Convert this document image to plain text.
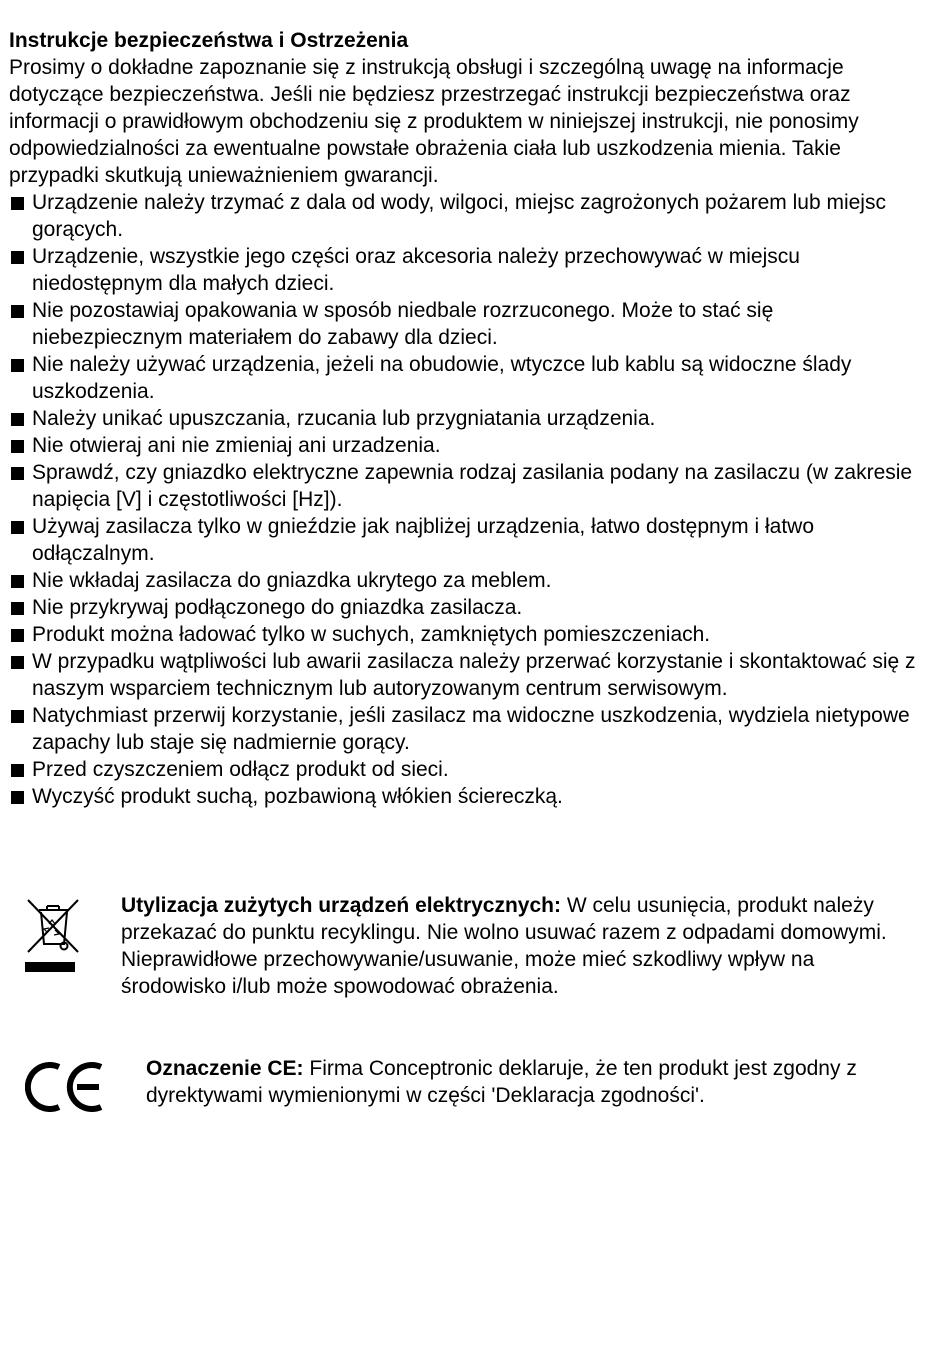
Instrukcje bezpieczeństwa i Ostrzeżenia

Prosimy o dokładne zapoznanie się z instrukcją obsługi i szczególną uwagę na informacje dotyczące bezpieczeństwa. Jeśli nie będziesz przestrzegać instrukcji bezpieczeństwa oraz informacji o prawidłowym obchodzeniu się z produktem w niniejszej instrukcji, nie ponosimy odpowiedzialności za ewentualne powstałe obrażenia ciała lub uszkodzenia mienia. Takie przypadki skutkują unieważnieniem gwarancji.

Urządzenie należy trzymać z dala od wody, wilgoci, miejsc zagrożonych pożarem lub miejsc gorących.
Urządzenie, wszystkie jego części oraz akcesoria należy przechowywać w miejscu niedostępnym dla małych dzieci.
Nie pozostawiaj opakowania w sposób niedbale rozrzuconego. Może to stać się niebezpiecznym materiałem do zabawy dla dzieci.
Nie należy używać urządzenia, jeżeli na obudowie, wtyczce lub kablu są widoczne ślady uszkodzenia.
Należy unikać upuszczania, rzucania lub przygniatania urządzenia.
Nie otwieraj ani nie zmieniaj ani urzadzenia.
Sprawdź, czy gniazdko elektryczne zapewnia rodzaj zasilania podany na zasilaczu (w zakresie napięcia [V] i częstotliwości [Hz]).
Używaj zasilacza tylko w gnieździe jak najbliżej urządzenia, łatwo dostępnym i łatwo odłączalnym.
Nie wkładaj zasilacza do gniazdka ukrytego za meblem.
Nie przykrywaj podłączonego do gniazdka zasilacza.
Produkt można ładować tylko w suchych, zamkniętych pomieszczeniach.
W przypadku wątpliwości lub awarii zasilacza należy przerwać korzystanie i skontaktować się z naszym wsparciem technicznym lub autoryzowanym centrum serwisowym.
Natychmiast przerwij korzystanie, jeśli zasilacz ma widoczne uszkodzenia, wydziela nietypowe zapachy lub staje się nadmiernie gorący.
Przed czyszczeniem odłącz produkt od sieci.
Wyczyść produkt suchą, pozbawioną włókien ściereczką.
Utylizacja zużytych urządzeń elektrycznych: W celu usunięcia, produkt należy przekazać do punktu recyklingu. Nie wolno usuwać razem z odpadami domowymi. Nieprawidłowe przechowywanie/usuwanie, może mieć szkodliwy wpływ na środowisko i/lub może spowodować obrażenia.
Oznaczenie CE: Firma Conceptronic deklaruje, że ten produkt jest zgodny z dyrektywami wymienionymi w części 'Deklaracja zgodności'.
